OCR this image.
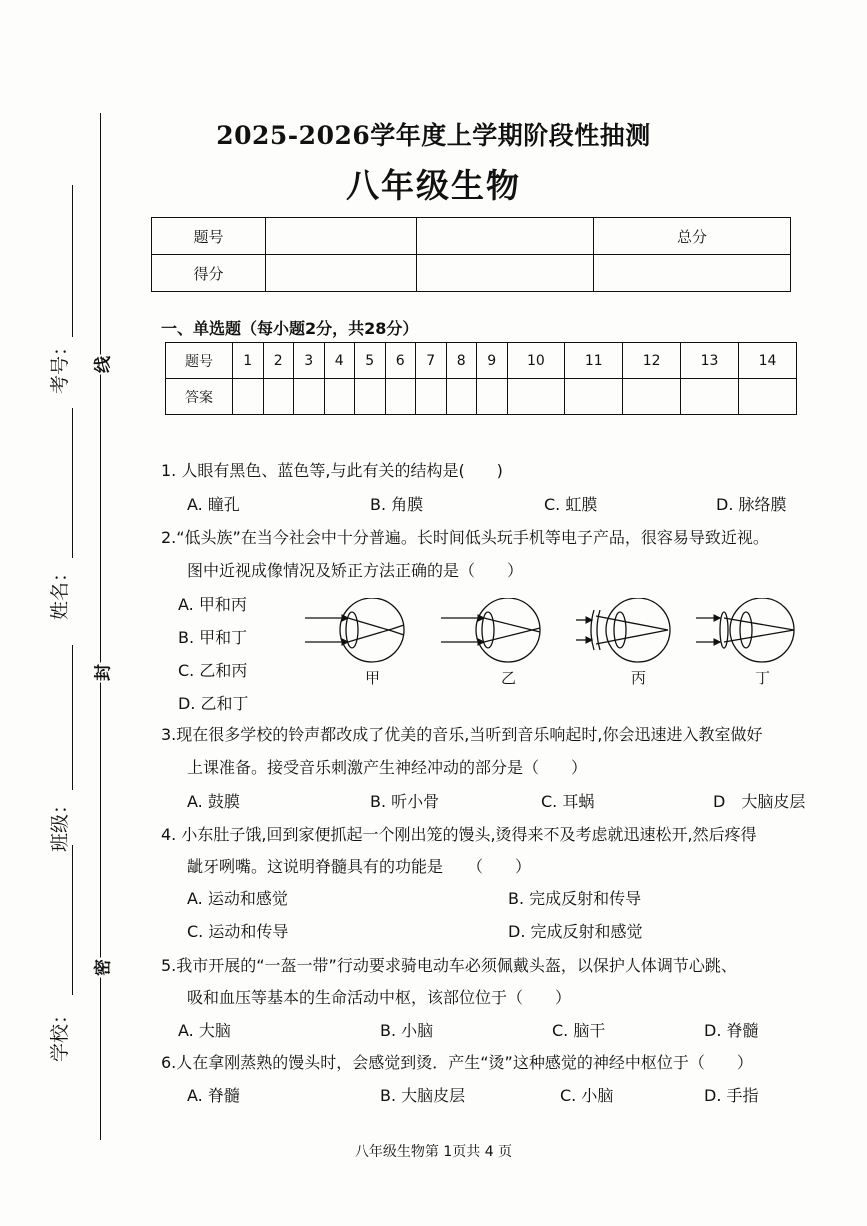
考号：
姓名：
班级：
学校：
线
封
密
2025-2026学年度上学期阶段性抽测
八年级生物
题号			总分
得分			
一、单选题（每小题2分，共28分）
题号	1	2	3	4	5	6	7	8	9	10	11	12	13	14
答案														
1. 人眼有黑色、蓝色等,与此有关的结构是(　　)
A. 瞳孔	B. 角膜	C. 虹膜	D. 脉络膜
2.“低头族”在当今社会中十分普遍。长时间低头玩手机等电子产品，很容易导致近视。
图中近视成像情况及矫正方法正确的是（　　）
A. 甲和丙
B. 甲和丁
C. 乙和丙
D. 乙和丁
甲	乙	丙	丁
3.现在很多学校的铃声都改成了优美的音乐,当听到音乐响起时,你会迅速进入教室做好
上课准备。接受音乐刺激产生神经冲动的部分是（　　）
A. 鼓膜	B. 听小骨	C. 耳蜗	D　大脑皮层
4. 小东肚子饿,回到家便抓起一个刚出笼的馒头,烫得来不及考虑就迅速松开,然后疼得
龇牙咧嘴。这说明脊髓具有的功能是　　（　　）
A. 运动和感觉	B. 完成反射和传导
C. 运动和传导	D. 完成反射和感觉
5.我市开展的“一盔一带”行动要求骑电动车必须佩戴头盔，以保护人体调节心跳、
吸和血压等基本的生命活动中枢，该部位位于（　　）
A. 大脑	B. 小脑	C. 脑干	D. 脊髓
6.人在拿刚蒸熟的馒头时，会感觉到烫．产生“烫”这种感觉的神经中枢位于（　　）
A. 脊髓	B. 大脑皮层	C. 小脑	D. 手指
八年级生物第 1页共 4 页
